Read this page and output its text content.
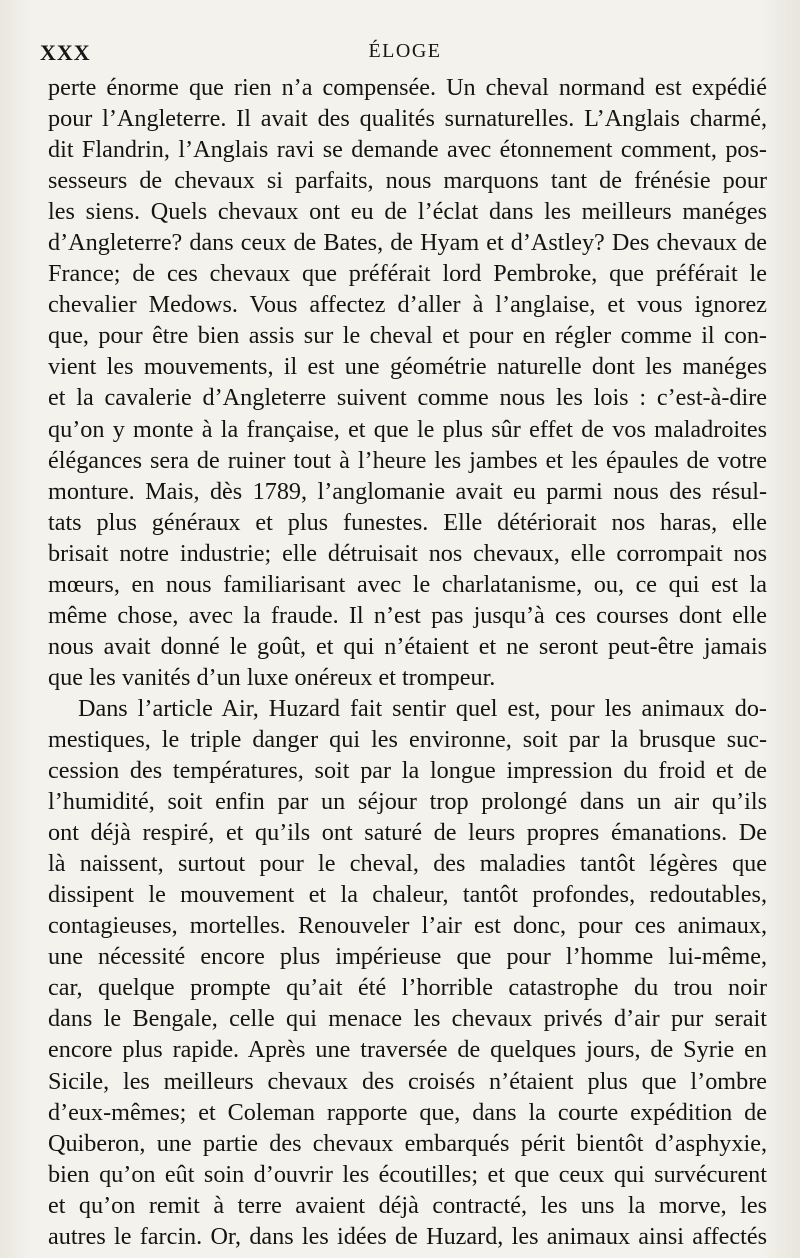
XXX	ÉLOGE
perte énorme que rien n’a compensée. Un cheval normand est expédié
pour l’Angleterre. Il avait des qualités surnaturelles. L’Anglais charmé,
dit Flandrin, l’Anglais ravi se demande avec étonnement comment, pos-
sesseurs de chevaux si parfaits, nous marquons tant de frénésie pour
les siens. Quels chevaux ont eu de l’éclat dans les meilleurs manéges
d’Angleterre? dans ceux de Bates, de Hyam et d’Astley? Des chevaux de
France; de ces chevaux que préférait lord Pembroke, que préférait le
chevalier Medows. Vous affectez d’aller à l’anglaise, et vous ignorez
que, pour être bien assis sur le cheval et pour en régler comme il con-
vient les mouvements, il est une géométrie naturelle dont les manéges
et la cavalerie d’Angleterre suivent comme nous les lois : c’est-à-dire
qu’on y monte à la française, et que le plus sûr effet de vos maladroites
élégances sera de ruiner tout à l’heure les jambes et les épaules de votre
monture. Mais, dès 1789, l’anglomanie avait eu parmi nous des résul-
tats plus généraux et plus funestes. Elle détériorait nos haras, elle
brisait notre industrie; elle détruisait nos chevaux, elle corrompait nos
mœurs, en nous familiarisant avec le charlatanisme, ou, ce qui est la
même chose, avec la fraude. Il n’est pas jusqu’à ces courses dont elle
nous avait donné le goût, et qui n’étaient et ne seront peut-être jamais
que les vanités d’un luxe onéreux et trompeur.
Dans l’article Air, Huzard fait sentir quel est, pour les animaux do-
mestiques, le triple danger qui les environne, soit par la brusque suc-
cession des températures, soit par la longue impression du froid et de
l’humidité, soit enfin par un séjour trop prolongé dans un air qu’ils
ont déjà respiré, et qu’ils ont saturé de leurs propres émanations. De
là naissent, surtout pour le cheval, des maladies tantôt légères que
dissipent le mouvement et la chaleur, tantôt profondes, redoutables,
contagieuses, mortelles. Renouveler l’air est donc, pour ces animaux,
une nécessité encore plus impérieuse que pour l’homme lui-même,
car, quelque prompte qu’ait été l’horrible catastrophe du trou noir
dans le Bengale, celle qui menace les chevaux privés d’air pur serait
encore plus rapide. Après une traversée de quelques jours, de Syrie en
Sicile, les meilleurs chevaux des croisés n’étaient plus que l’ombre
d’eux-mêmes; et Coleman rapporte que, dans la courte expédition de
Quiberon, une partie des chevaux embarqués périt bientôt d’asphyxie,
bien qu’on eût soin d’ouvrir les écoutilles; et que ceux qui survécurent
et qu’on remit à terre avaient déjà contracté, les uns la morve, les
autres le farcin. Or, dans les idées de Huzard, les animaux ainsi affectés
